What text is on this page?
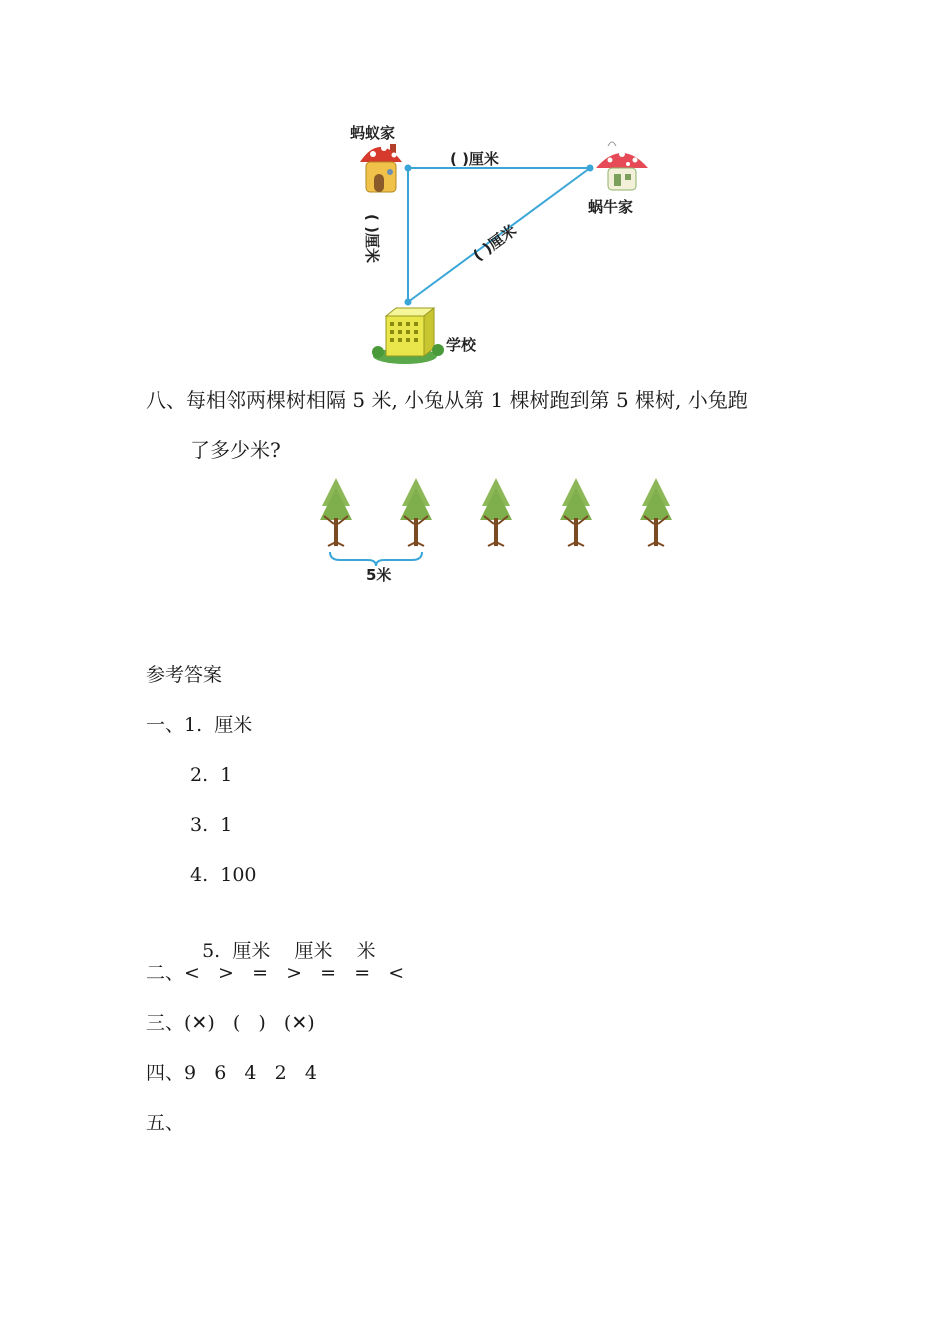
蚂蚁家
蜗牛家
学校
( )厘米
( )厘米	( )厘米
八、每相邻两棵树相隔 5 米, 小兔从第 1 棵树跑到第 5 棵树, 小兔跑
了多少米?
5米
参考答案
一、1. 厘米
2. 1
3. 1
4. 100

5. 厘米    厘米    米

二、<   >   =   >   =   =   <
三、(✕)   (   )   (✕)
四、9   6   4   2   4
五、
